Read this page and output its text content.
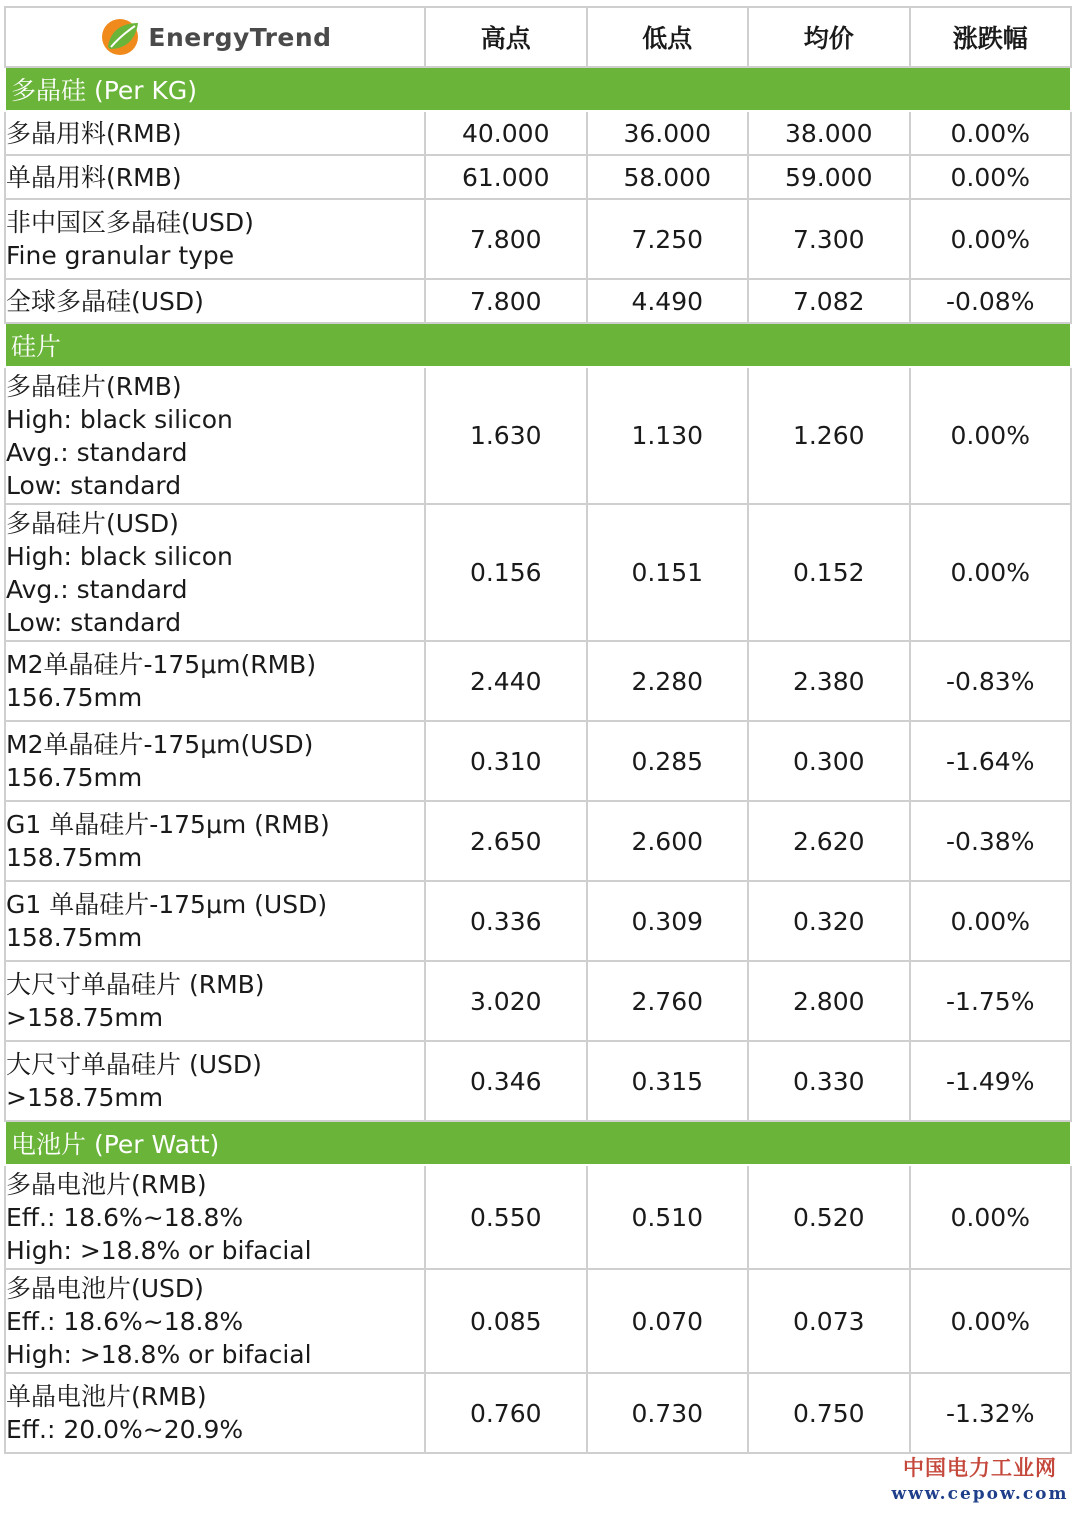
EnergyTrend	高点	低点	均价	涨跌幅
多晶硅 (Per KG)				

多晶用料(RMB)	40.000	36.000	38.000	0.00%

单晶用料(RMB)	61.000	58.000	59.000	0.00%

非中国区多晶硅(USD)
Fine granular type	7.800	7.250	7.300	0.00%

全球多晶硅(USD)	7.800	4.490	7.082	-0.08%
硅片				

多晶硅片(RMB)
High: black silicon
Avg.: standard
Low: standard	1.630	1.130	1.260	0.00%

多晶硅片(USD)
High: black silicon
Avg.: standard
Low: standard	0.156	0.151	0.152	0.00%

M2单晶硅片-175μm(RMB)
156.75mm	2.440	2.280	2.380	-0.83%

M2单晶硅片-175μm(USD)
156.75mm	0.310	0.285	0.300	-1.64%

G1 单晶硅片-175μm (RMB)
158.75mm	2.650	2.600	2.620	-0.38%

G1 单晶硅片-175μm (USD)
158.75mm	0.336	0.309	0.320	0.00%

大尺寸单晶硅片 (RMB)
>158.75mm	3.020	2.760	2.800	-1.75%

大尺寸单晶硅片 (USD)
>158.75mm	0.346	0.315	0.330	-1.49%
电池片 (Per Watt)				

多晶电池片(RMB)
Eff.: 18.6%~18.8%
High: >18.8% or bifacial	0.550	0.510	0.520	0.00%

多晶电池片(USD)
Eff.: 18.6%~18.8%
High: >18.8% or bifacial	0.085	0.070	0.073	0.00%

单晶电池片(RMB)
Eff.: 20.0%~20.9%	0.760	0.730	0.750	-1.32%
中国电力工业网
www.cepow.com
